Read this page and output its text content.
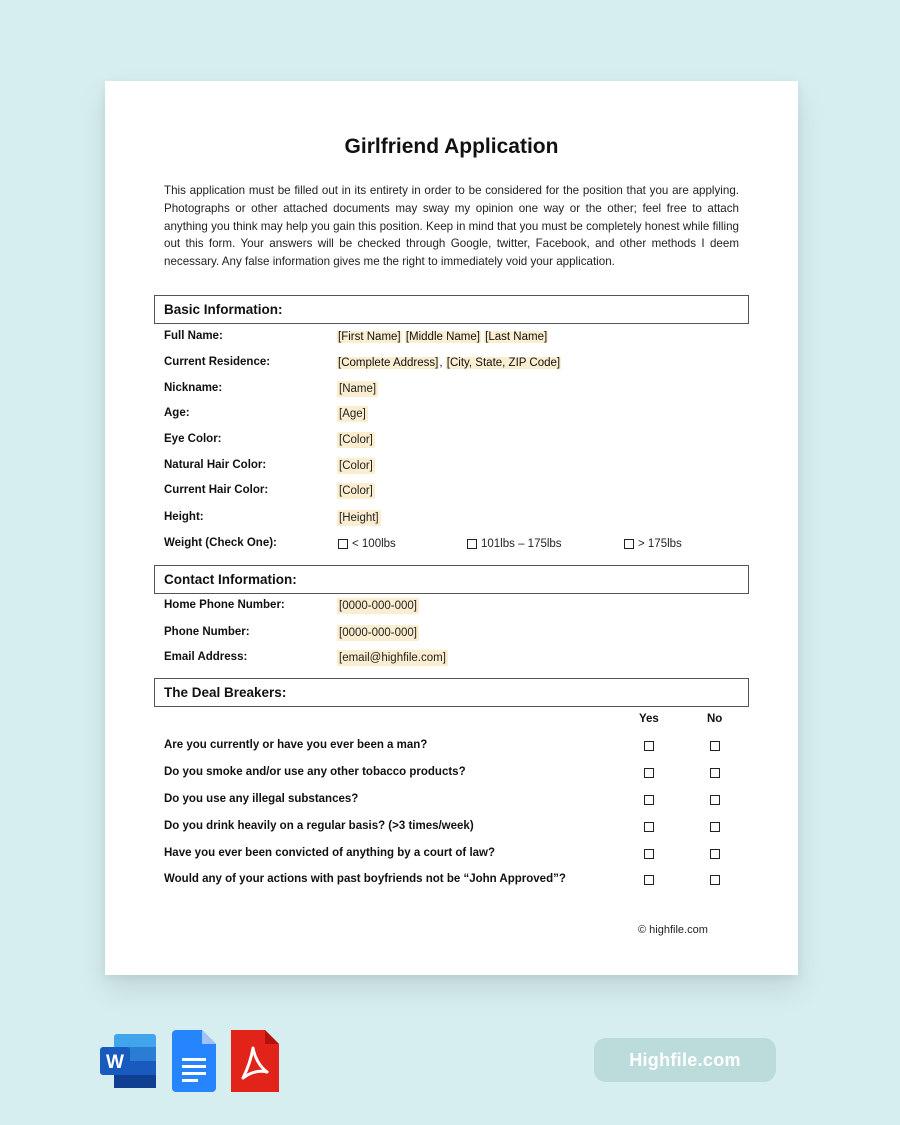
Girlfriend Application

This application must be filled out in its entirety in order to be considered for the position that you are applying. Photographs or other attached documents may sway my opinion one way or the other; feel free to attach anything you think may help you gain this position. Keep in mind that you must be completely honest while filling out this form. Your answers will be checked through Google, twitter, Facebook, and other methods I deem necessary. Any false information gives me the right to immediately void your application.

Basic Information:
Full Name:	[First Name] [Middle Name] [Last Name]
Current Residence:	[Complete Address], [City, State, ZIP Code]
Nickname:	[Name]
Age:	[Age]
Eye Color:	[Color]
Natural Hair Color:	[Color]
Current Hair Color:	[Color]
Height:	[Height]
Weight (Check One):	< 100lbs	101lbs – 175lbs	> 175lbs
Contact Information:
Home Phone Number:	[0000-000-000]
Phone Number:	[0000-000-000]
Email Address:	[email@highfile.com]
The Deal Breakers:
Yes	No
Are you currently or have you ever been a man?
Do you smoke and/or use any other tobacco products?
Do you use any illegal substances?
Do you drink heavily on a regular basis? (>3 times/week)
Have you ever been convicted of anything by a court of law?
Would any of your actions with past boyfriends not be “John Approved”?
© highfile.com
W	Highfile.com
